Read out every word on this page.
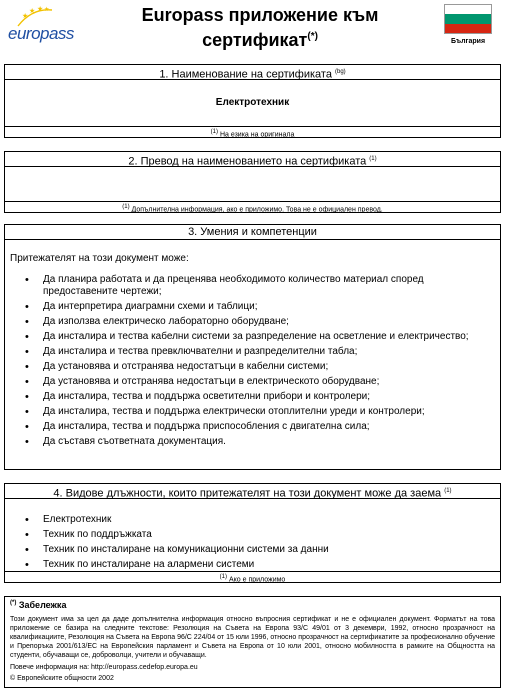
★
★ ★ ★
europass
Europass приложение към
сертификат(*)	България
1. Наименование на сертификата $^{(bg)}$
Електротехник
$^{(1)}$ На езика на оригинала
2. Превод на наименованието на сертификата $^{(1)}$
$^{(1)}$ Допълнителна информация, ако е приложимо. Това не е официален превод.
3. Умения и компетенции
Притежателят на този документ може:
• Да планира работата и да преценява необходимото количество материал според предоставените чертежи;
• Да интерпретира диаграмни схеми и таблици;
• Да използва електрическо лабораторно оборудване;
• Да инсталира и тества кабелни системи за разпределение на осветление и електричество;
• Да инсталира и тества превключвателни и разпределителни табла;
• Да установява и отстранява недостатъци в кабелни системи;
• Да установява и отстранява недостатъци в електрическото оборудване;
• Да инсталира, тества и поддържа осветителни прибори и контролери;
• Да инсталира, тества и поддържа електрически отоплителни уреди и контролери;
• Да инсталира, тества и поддържа приспособления с двигателна сила;
• Да съставя съответната документация.
4. Видове длъжности, които притежателят на този документ може да заема $^{(1)}$
• Електротехник
• Техник по поддръжката
• Техник по инсталиране на комуникационни системи за данни
• Техник по инсталиране на алармени системи
$^{(1)}$ Ако е приложимо
(*) Забележка
Този документ има за цел да даде допълнителна информация относно въпросния сертификат и не е официален документ. Форматът на това приложение се базира на следните текстове: Резолюция на Съвета на Европа 93/C 49/01 от 3 декември, 1992, относно прозрачност на квалификациите, Резолюция на Съвета на Европа 96/C 224/04 от 15 юли 1996, относно прозрачност на сертификатите за професионално обучение и Препоръка 2001/613/EC на Европейския парламент и Съвета на Европа от 10 юли 2001, относно мобилността в рамките на Общността на студенти, обучаващи се, доброволци, учители и обучаващи.
Повече информация на: http://europass.cedefop.europa.eu
© Европейските общности 2002
